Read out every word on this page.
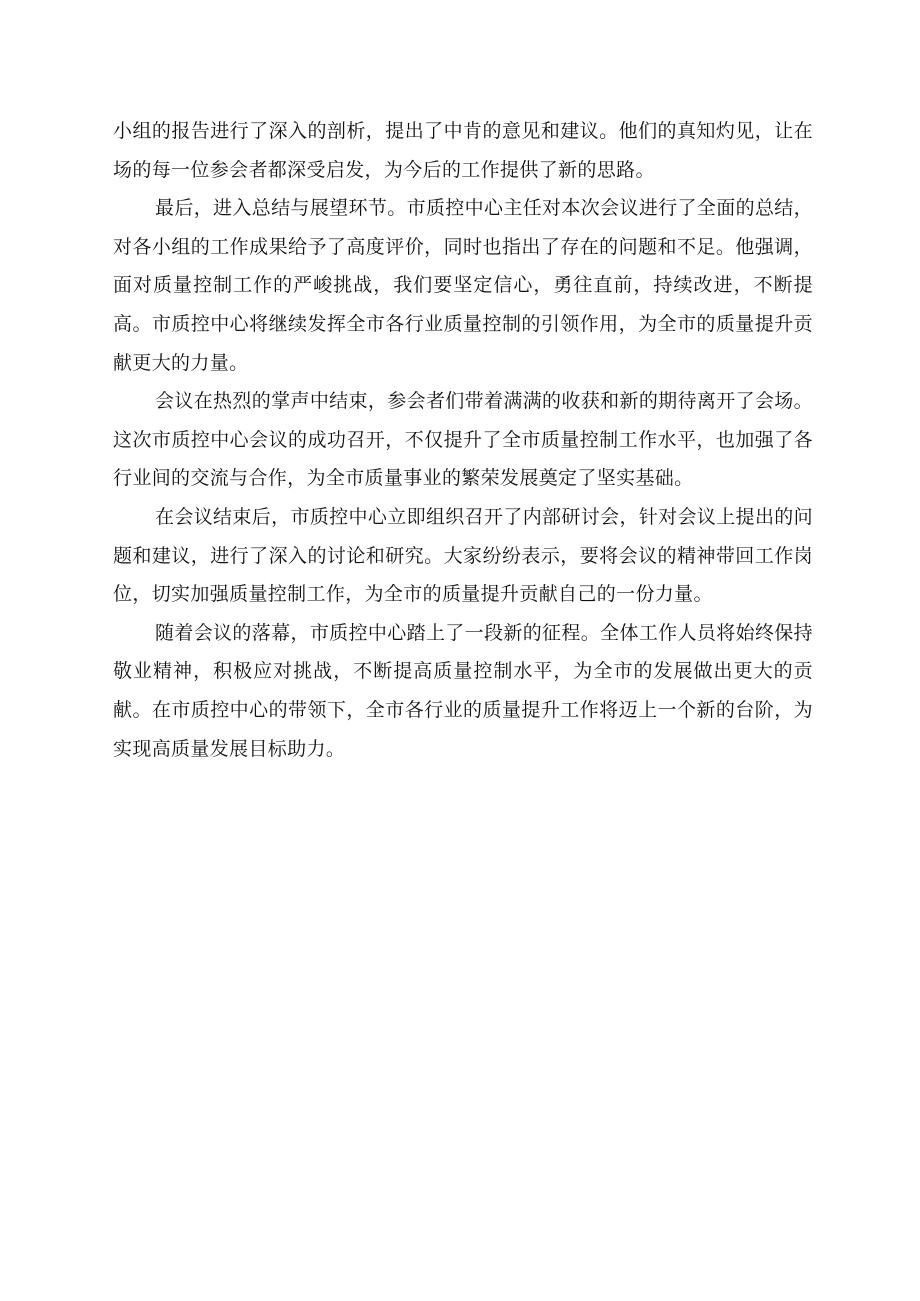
小组的报告进行了深入的剖析，提出了中肯的意见和建议。他们的真知灼见，让在场的每一位参会者都深受启发，为今后的工作提供了新的思路。

最后，进入总结与展望环节。市质控中心主任对本次会议进行了全面的总结，对各小组的工作成果给予了高度评价，同时也指出了存在的问题和不足。他强调，面对质量控制工作的严峻挑战，我们要坚定信心，勇往直前，持续改进，不断提高。市质控中心将继续发挥全市各行业质量控制的引领作用，为全市的质量提升贡献更大的力量。

会议在热烈的掌声中结束，参会者们带着满满的收获和新的期待离开了会场。这次市质控中心会议的成功召开，不仅提升了全市质量控制工作水平，也加强了各行业间的交流与合作，为全市质量事业的繁荣发展奠定了坚实基础。

在会议结束后，市质控中心立即组织召开了内部研讨会，针对会议上提出的问题和建议，进行了深入的讨论和研究。大家纷纷表示，要将会议的精神带回工作岗位，切实加强质量控制工作，为全市的质量提升贡献自己的一份力量。

随着会议的落幕，市质控中心踏上了一段新的征程。全体工作人员将始终保持敬业精神，积极应对挑战，不断提高质量控制水平，为全市的发展做出更大的贡献。在市质控中心的带领下，全市各行业的质量提升工作将迈上一个新的台阶，为实现高质量发展目标助力。
